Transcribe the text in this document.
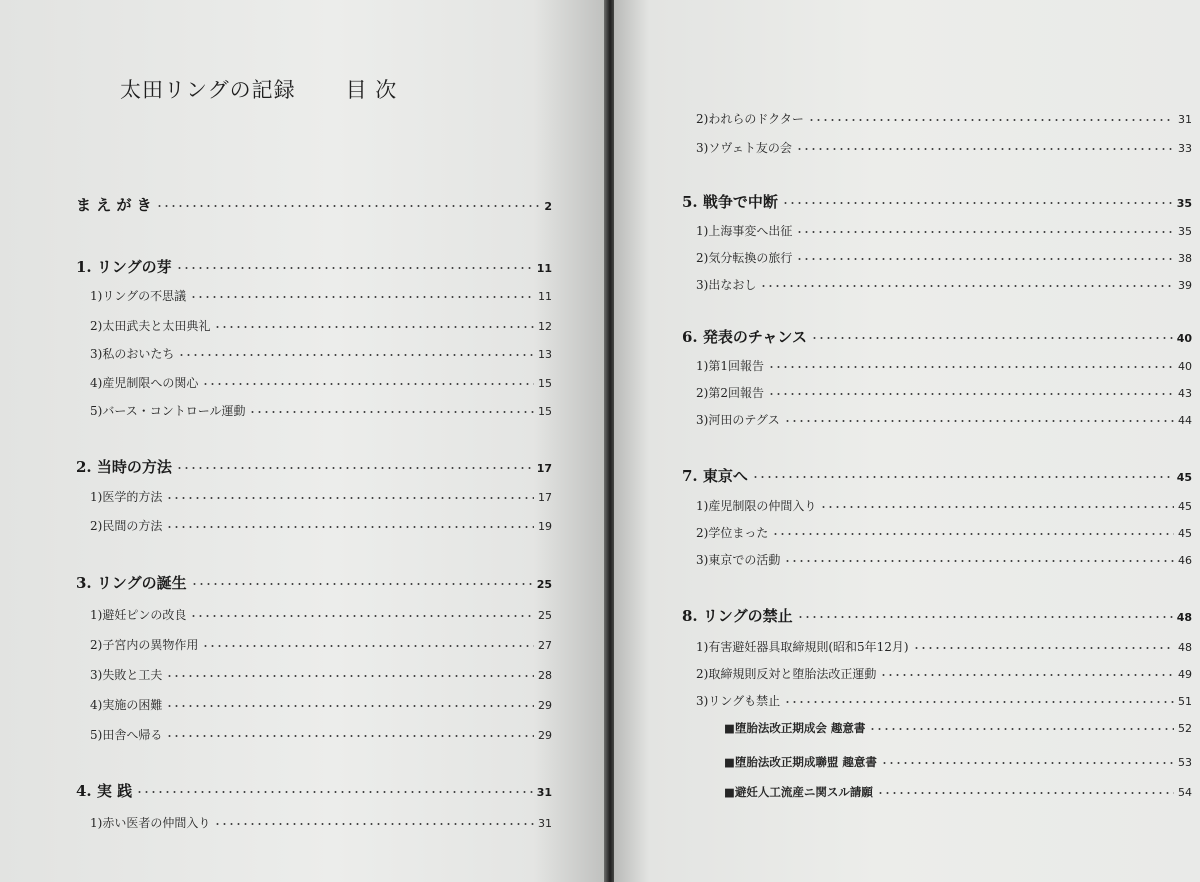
太田リングの記録 目 次
ま え が き	2
1. リングの芽	11
1)リングの不思議	11
2)太田武夫と太田典礼	12
3)私のおいたち	13
4)産児制限への関心	15
5)バース・コントロール運動	15
2. 当時の方法	17
1)医学的方法	17
2)民間の方法	19
3. リングの誕生	25
1)避妊ピンの改良	25
2)子宮内の異物作用	27
3)失敗と工夫	28
4)実施の困難	29
5)田舎へ帰る	29
4. 実 践	31
1)赤い医者の仲間入り	31
2)われらのドクター	31
3)ソヴェト友の会	33
5. 戦争で中断	35
1)上海事変へ出征	35
2)気分転換の旅行	38
3)出なおし	39
6. 発表のチャンス	40
1)第1回報告	40
2)第2回報告	43
3)河田のテグス	44
7. 東京へ	45
1)産児制限の仲間入り	45
2)学位まった	45
3)東京での活動	46
8. リングの禁止	48
1)有害避妊器具取締規則(昭和5年12月)	48
2)取締規則反対と堕胎法改正運動	49
3)リングも禁止	51
■堕胎法改正期成会 趣意書	52
■堕胎法改正期成聯盟 趣意書	53
■避妊人工流産ニ関スル請願	54
